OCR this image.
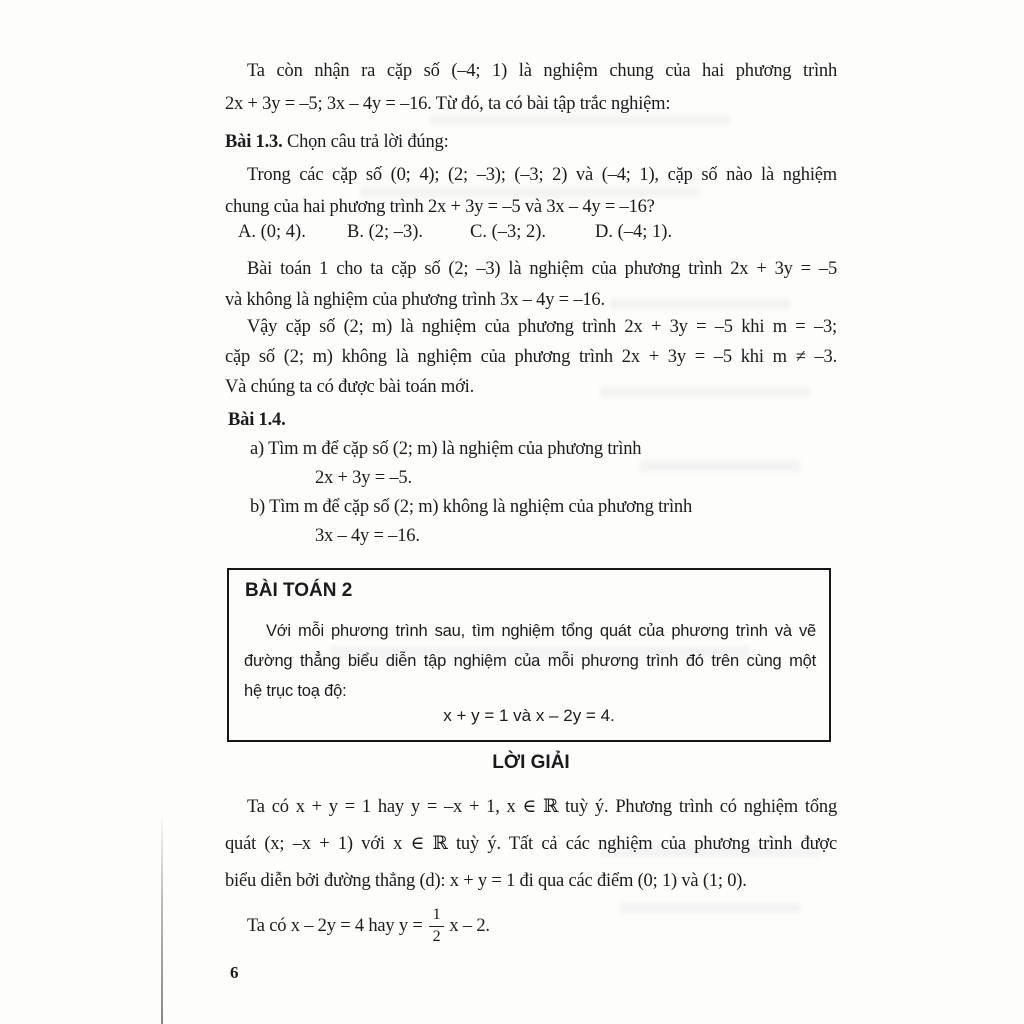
Ta còn nhận ra cặp số (–4; 1) là nghiệm chung của hai phương trình
2x + 3y = –5; 3x – 4y = –16. Từ đó, ta có bài tập trắc nghiệm:
Bài 1.3. Chọn câu trả lời đúng:
Trong các cặp số (0; 4); (2; –3); (–3; 2) và (–4; 1), cặp số nào là nghiệm
chung của hai phương trình 2x + 3y = –5 và 3x – 4y = –16?
A. (0; 4). B. (2; –3).	C. (–3; 2).	D. (–4; 1).
Bài toán 1 cho ta cặp số (2; –3) là nghiệm của phương trình 2x + 3y = –5
và không là nghiệm của phương trình 3x – 4y = –16.
Vậy cặp số (2; m) là nghiệm của phương trình 2x + 3y = –5 khi m = –3;
cặp số (2; m) không là nghiệm của phương trình 2x + 3y = –5 khi m ≠ –3.
Và chúng ta có được bài toán mới.
Bài 1.4.
a) Tìm m để cặp số (2; m) là nghiệm của phương trình
2x + 3y = –5.
b) Tìm m để cặp số (2; m) không là nghiệm của phương trình
3x – 4y = –16.
BÀI TOÁN 2
Với mỗi phương trình sau, tìm nghiệm tổng quát của phương trình và vẽ
đường thẳng biểu diễn tập nghiệm của mỗi phương trình đó trên cùng một
hệ trục toạ độ:
x + y = 1 và x – 2y = 4.
LỜI GIẢI
Ta có x + y = 1 hay y = –x + 1, x ∈ ℝ tuỳ ý. Phương trình có nghiệm tổng
quát (x; –x + 1) với x ∈ ℝ tuỳ ý. Tất cả các nghiệm của phương trình được
biểu diễn bởi đường thẳng (d): x + y = 1 đi qua các điểm (0; 1) và (1; 0).
Ta có x – 2y = 4 hay $y = \frac{1}{2}$ x – 2.
6
